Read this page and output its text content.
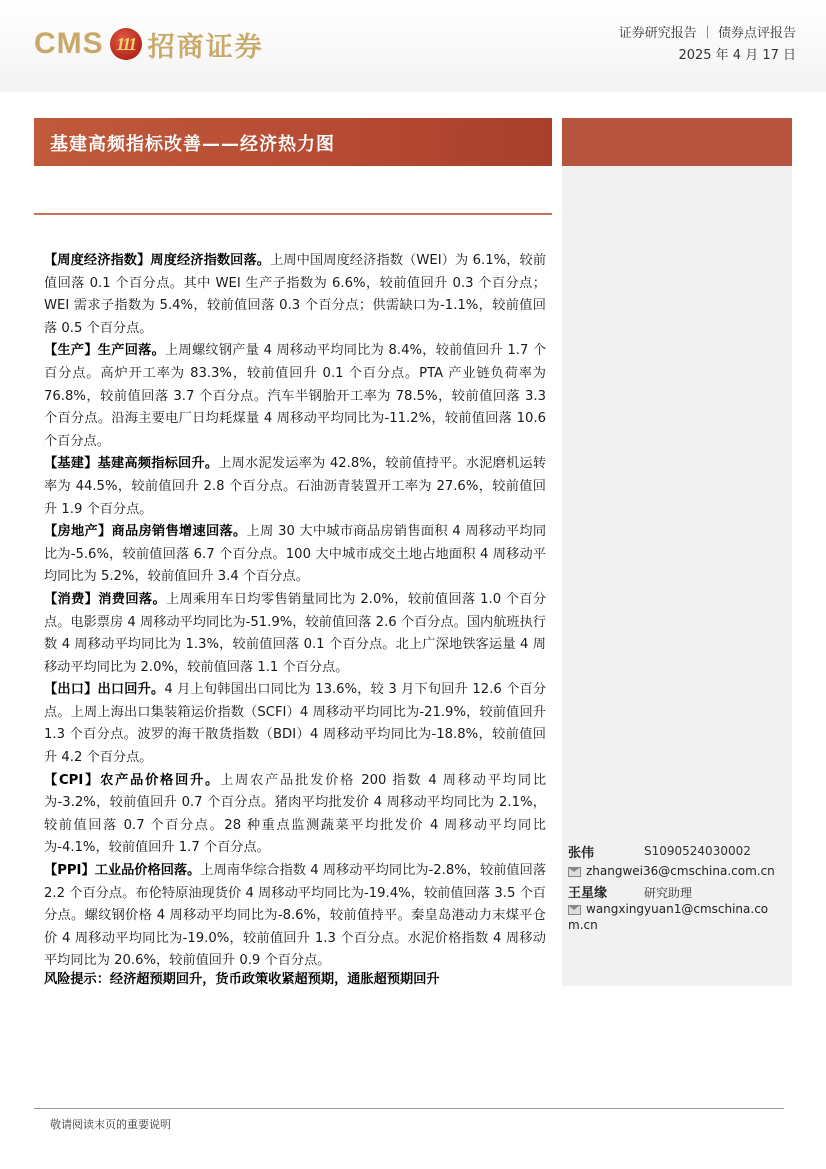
CMS 111 招商证券	证券研究报告 ｜ 债券点评报告
2025 年 4 月 17 日
基建高频指标改善——经济热力图

【周度经济指数】周度经济指数回落。上周中国周度经济指数（WEI）为 6.1%，较前值回落 0.1 个百分点。其中 WEI 生产子指数为 6.6%，较前值回升 0.3 个百分点；WEI 需求子指数为 5.4%，较前值回落 0.3 个百分点；供需缺口为-1.1%，较前值回落 0.5 个百分点。

【生产】生产回落。上周螺纹钢产量 4 周移动平均同比为 8.4%，较前值回升 1.7 个百分点。高炉开工率为 83.3%，较前值回升 0.1 个百分点。PTA 产业链负荷率为 76.8%，较前值回落 3.7 个百分点。汽车半钢胎开工率为 78.5%，较前值回落 3.3 个百分点。沿海主要电厂日均耗煤量 4 周移动平均同比为-11.2%，较前值回落 10.6 个百分点。

【基建】基建高频指标回升。上周水泥发运率为 42.8%，较前值持平。水泥磨机运转率为 44.5%，较前值回升 2.8 个百分点。石油沥青装置开工率为 27.6%，较前值回升 1.9 个百分点。

【房地产】商品房销售增速回落。上周 30 大中城市商品房销售面积 4 周移动平均同比为-5.6%，较前值回落 6.7 个百分点。100 大中城市成交土地占地面积 4 周移动平均同比为 5.2%，较前值回升 3.4 个百分点。

【消费】消费回落。上周乘用车日均零售销量同比为 2.0%，较前值回落 1.0 个百分点。电影票房 4 周移动平均同比为-51.9%，较前值回落 2.6 个百分点。国内航班执行数 4 周移动平均同比为 1.3%，较前值回落 0.1 个百分点。北上广深地铁客运量 4 周移动平均同比为 2.0%，较前值回落 1.1 个百分点。

【出口】出口回升。4 月上旬韩国出口同比为 13.6%，较 3 月下旬回升 12.6 个百分点。上周上海出口集装箱运价指数（SCFI）4 周移动平均同比为-21.9%，较前值回升 1.3 个百分点。波罗的海干散货指数（BDI）4 周移动平均同比为-18.8%，较前值回升 4.2 个百分点。

【CPI】农产品价格回升。上周农产品批发价格 200 指数 4 周移动平均同比为-3.2%，较前值回升 0.7 个百分点。猪肉平均批发价 4 周移动平均同比为 2.1%，较前值回落 0.7 个百分点。28 种重点监测蔬菜平均批发价 4 周移动平均同比为-4.1%，较前值回升 1.7 个百分点。

【PPI】工业品价格回落。上周南华综合指数 4 周移动平均同比为-2.8%，较前值回落 2.2 个百分点。布伦特原油现货价 4 周移动平均同比为-19.4%，较前值回落 3.5 个百分点。螺纹钢价格 4 周移动平均同比为-8.6%，较前值持平。秦皇岛港动力末煤平仓价 4 周移动平均同比为-19.0%，较前值回升 1.3 个百分点。水泥价格指数 4 周移动平均同比为 20.6%，较前值回升 0.9 个百分点。

风险提示：经济超预期回升，货币政策收紧超预期，通胀超预期回升
张伟	S1090524030002
zhangwei36@cmschina.com.cn
王星缘	研究助理
wangxingyuan1@cmschina.com.cn
敬请阅读末页的重要说明
